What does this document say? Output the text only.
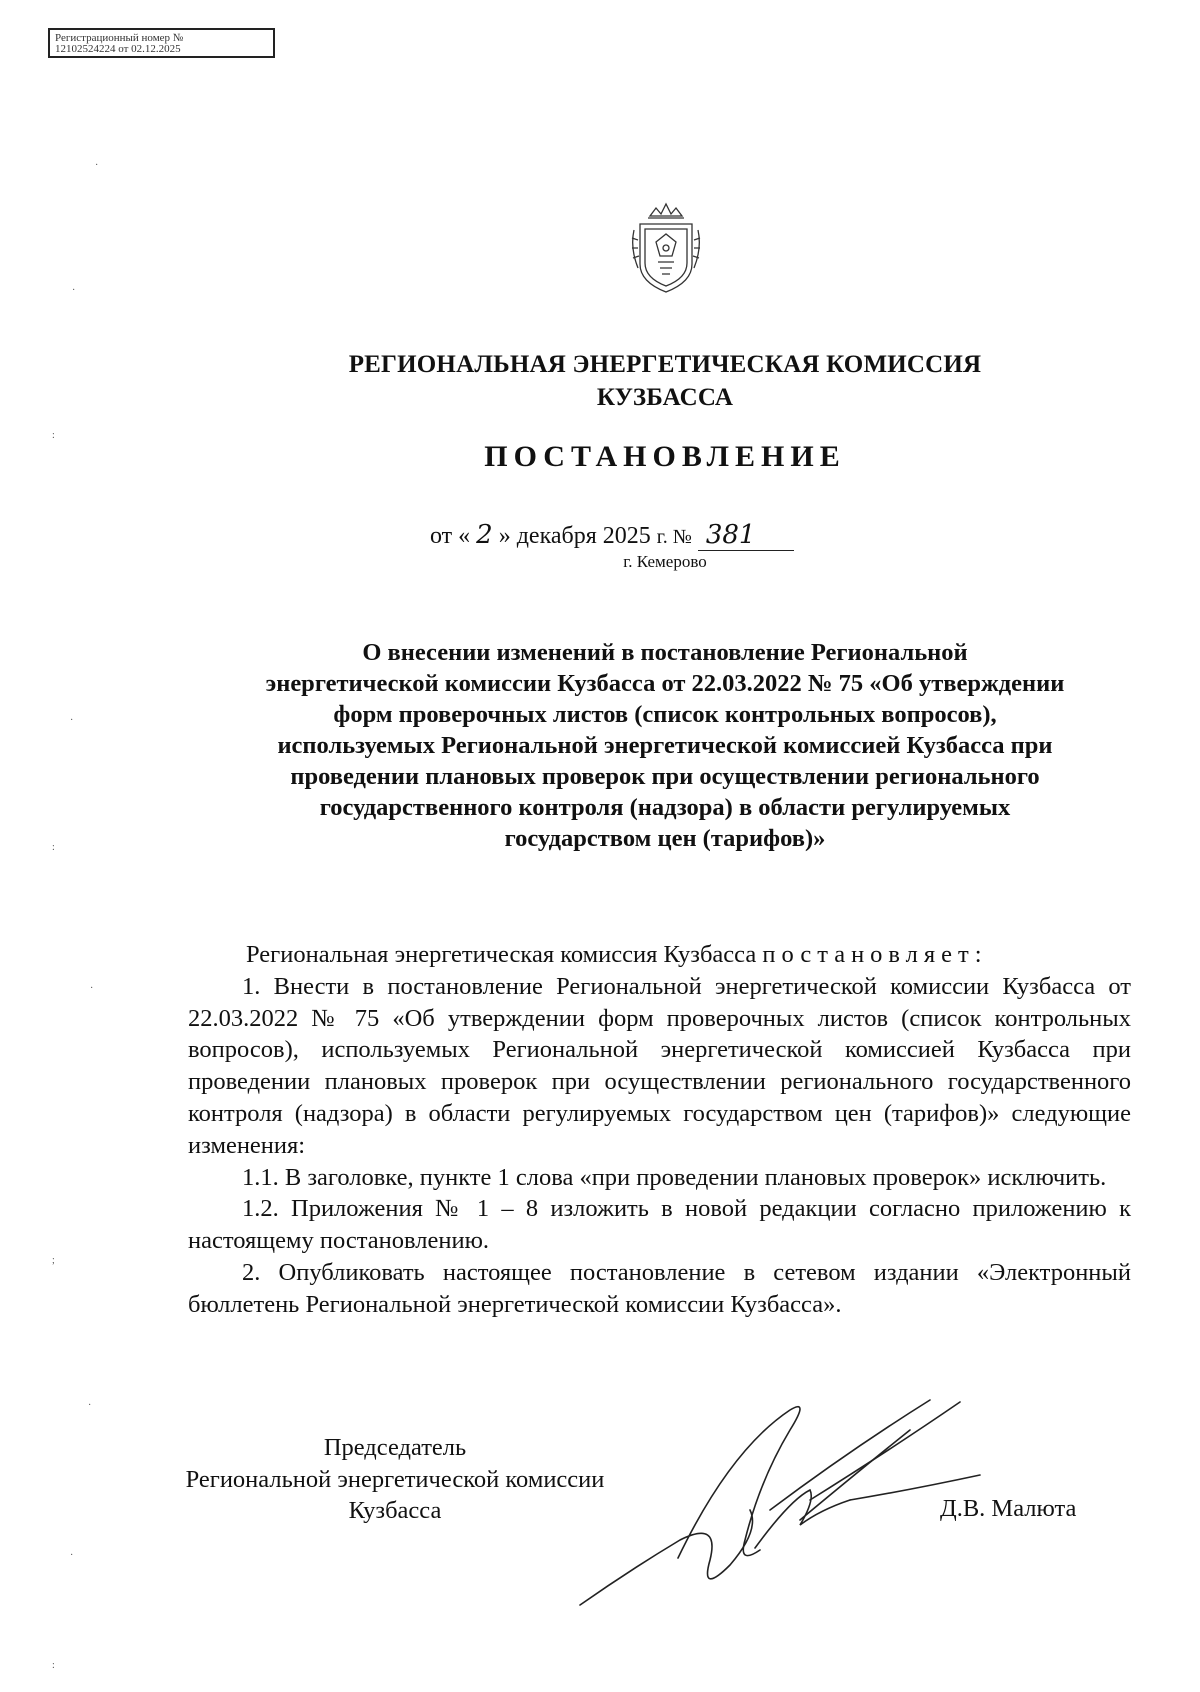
Регистрационный номер №
12102524224 от 02.12.2025
РЕГИОНАЛЬНАЯ ЭНЕРГЕТИЧЕСКАЯ КОМИССИЯ
КУЗБАССА
ПОСТАНОВЛЕНИЕ
от « 2 » декабря 2025 г. № 381
г. Кемерово
О внесении изменений в постановление Региональной
энергетической комиссии Кузбасса от 22.03.2022 № 75 «Об утверждении
форм проверочных листов (список контрольных вопросов),
используемых Региональной энергетической комиссией Кузбасса при
проведении плановых проверок при осуществлении регионального
государственного контроля (надзора) в области регулируемых
государством цен (тарифов)»

Региональная энергетическая комиссия Кузбасса постановляет:

1. Внести в постановление Региональной энергетической комиссии Кузбасса от 22.03.2022 № 75 «Об утверждении форм проверочных листов (список контрольных вопросов), используемых Региональной энергетической комиссией Кузбасса при проведении плановых проверок при осуществлении регионального государственного контроля (надзора) в области регулируемых государством цен (тарифов)» следующие изменения:

1.1. В заголовке, пункте 1 слова «при проведении плановых проверок» исключить.

1.2. Приложения № 1 – 8 изложить в новой редакции согласно приложению к настоящему постановлению.

2. Опубликовать настоящее постановление в сетевом издании «Электронный бюллетень Региональной энергетической комиссии Кузбасса».

Председатель
Региональной энергетической комиссии
Кузбасса	Д.В. Малюта
·
·
:
·
:
·
;
·
·
:
